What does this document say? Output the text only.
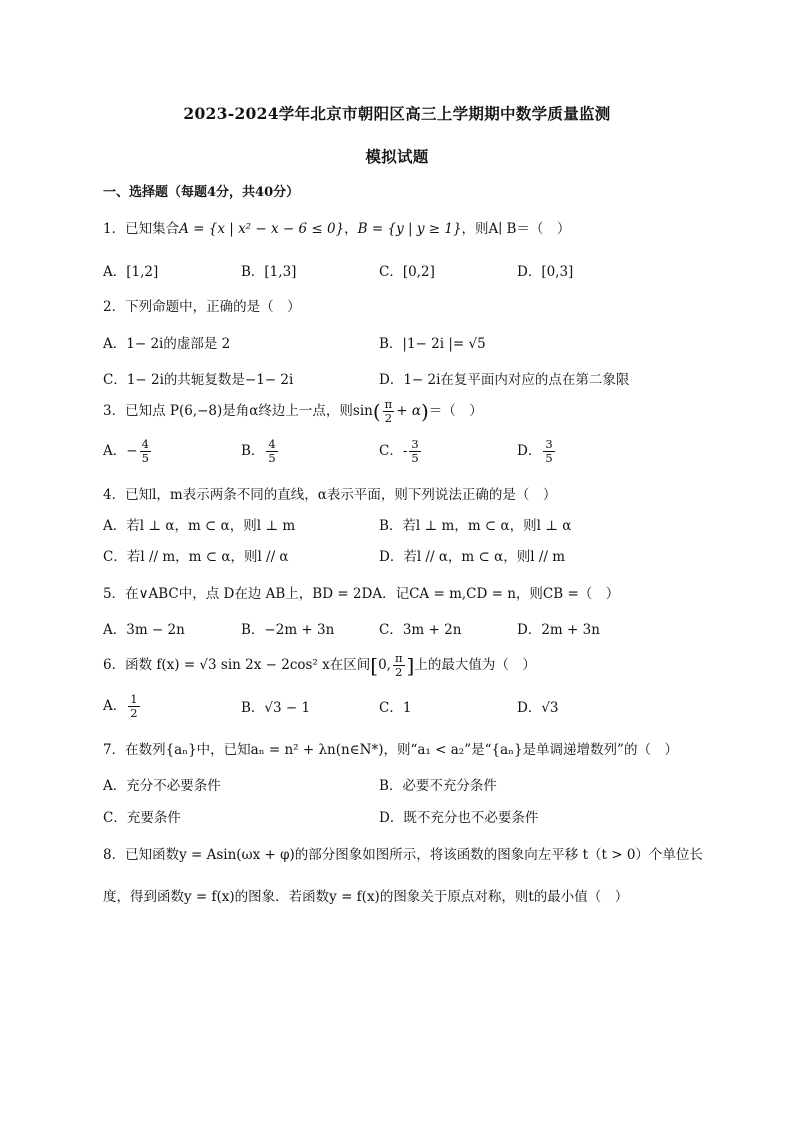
2023-2024学年北京市朝阳区高三上学期期中数学质量监测
模拟试题
一、选择题（每题4分，共40分）
1．已知集合A = {x | x² − x − 6 ≤ 0}，B = {y | y ≥ 1}，则A∣ B＝（　）
A．[1,2]	B．[1,3]	C．[0,2]	D．[0,3]
2．下列命题中，正确的是（　）
A．1− 2i的虚部是 2	B．|1− 2i |= √5
C．1− 2i的共轭复数是−1− 2i	D．1− 2i在复平面内对应的点在第二象限
3．已知点 P(6,−8)是角α终边上一点，则$\sin( \frac{\pi}{2} + \alpha)=$（　）
A．− $\frac{4}{5}$	B． $\frac{4}{5}$	C．- $\frac{3}{5}$	D． $\frac{3}{5}$
4．已知l，m表示两条不同的直线，α表示平面，则下列说法正确的是（　）
A．若l ⊥ α，m ⊂ α，则l ⊥ m	B．若l ⊥ m，m ⊂ α，则l ⊥ α
C．若l // m，m ⊂ α，则l // α	D．若l // α，m ⊂ α，则l // m
5．在∨ABC中，点 D在边 AB上，BD = 2DA．记CA = m,CD = n，则CB =（　）
A．3m − 2n	B．−2m + 3n	C．3m + 2n	D．2m + 3n
6．函数 f(x) = √3 sin 2x − 2cos² x在区间[0, $\frac{\pi}{2}$ ]上的最大值为（　）
A． $\frac{1}{2}$	B．√3 − 1	C．1	D．√3
7．在数列{aₙ}中，已知aₙ = n² + λn(n∈N*)，则“a₁ < a₂”是“{aₙ}是单调递增数列”的（　）
A．充分不必要条件	B．必要不充分条件
C．充要条件	D．既不充分也不必要条件
8．已知函数y = Asin(ωx + φ)的部分图象如图所示，将该函数的图象向左平移 t（t > 0）个单位长
度，得到函数y = f(x)的图象．若函数y = f(x)的图象关于原点对称，则t的最小值（　）
